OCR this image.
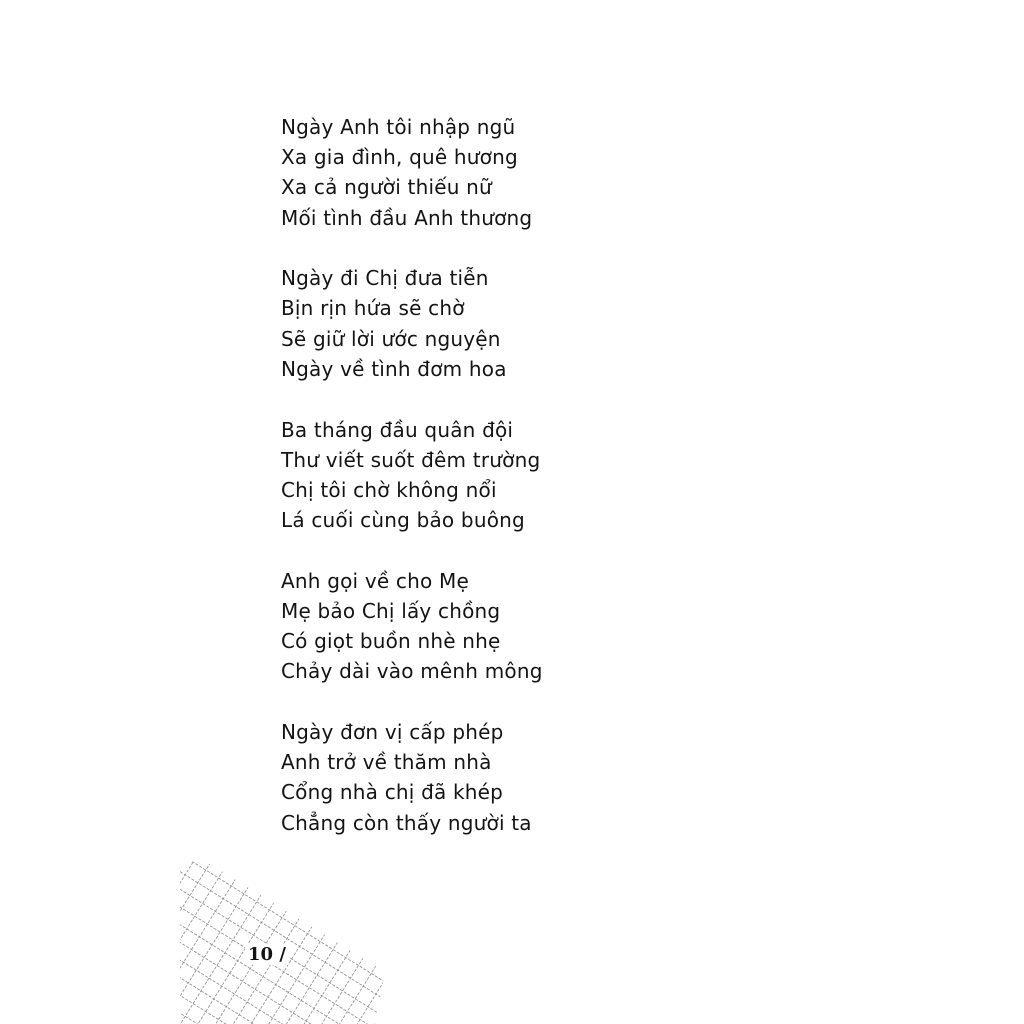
Ngày Anh tôi nhập ngũ
Xa gia đình, quê hương
Xa cả người thiếu nữ
Mối tình đầu Anh thương
Ngày đi Chị đưa tiễn
Bịn rịn hứa sẽ chờ
Sẽ giữ lời ước nguyện
Ngày về tình đơm hoa
Ba tháng đầu quân đội
Thư viết suốt đêm trường
Chị tôi chờ không nổi
Lá cuối cùng bảo buông
Anh gọi về cho Mẹ
Mẹ bảo Chị lấy chồng
Có giọt buồn nhè nhẹ
Chảy dài vào mênh mông
Ngày đơn vị cấp phép
Anh trở về thăm nhà
Cổng nhà chị đã khép
Chẳng còn thấy người ta
10 /
